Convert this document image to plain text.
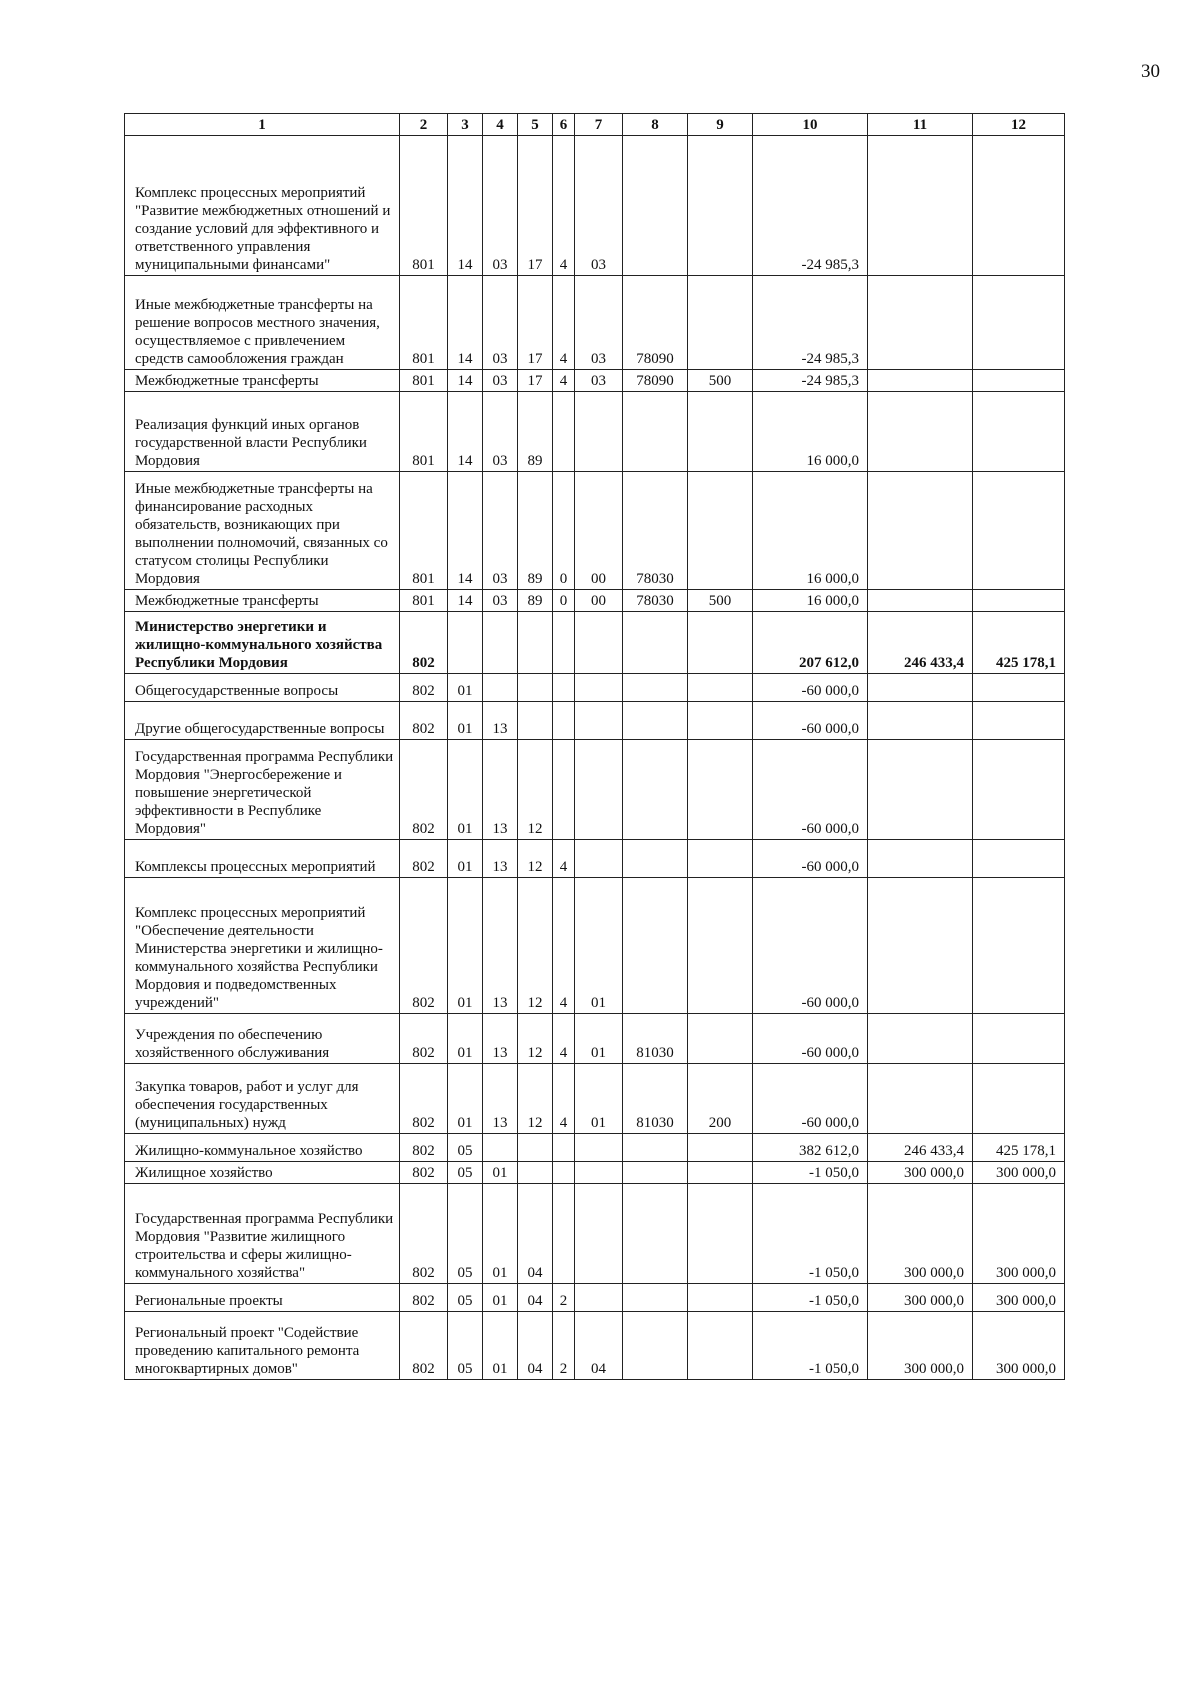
30
1	2	3	4	5	6	7	8	9	10	11	12
Комплекс процессных мероприятий "Развитие межбюджетных отношений и создание условий для эффективного и ответственного управления муниципальными финансами"	801	14	03	17	4	03			-24 985,3		
Иные межбюджетные трансферты на решение вопросов местного значения, осуществляемое с привлечением средств самообложения граждан	801	14	03	17	4	03	78090		-24 985,3		
Межбюджетные трансферты	801	14	03	17	4	03	78090	500	-24 985,3		
Реализация функций иных органов государственной власти Республики Мордовия	801	14	03	89					16 000,0		
Иные межбюджетные трансферты на финансирование расходных обязательств, возникающих при выполнении полномочий, связанных со статусом столицы Республики Мордовия	801	14	03	89	0	00	78030		16 000,0		
Межбюджетные трансферты	801	14	03	89	0	00	78030	500	16 000,0		
Министерство энергетики и жилищно-коммунального хозяйства Республики Мордовия	802								207 612,0	246 433,4	425 178,1
Общегосударственные вопросы	802	01							-60 000,0		
Другие общегосударственные вопросы	802	01	13						-60 000,0		
Государственная программа Республики Мордовия "Энергосбережение и повышение энергетической эффективности в Республике Мордовия"	802	01	13	12					-60 000,0		
Комплексы процессных мероприятий	802	01	13	12	4				-60 000,0		
Комплекс процессных мероприятий "Обеспечение деятельности Министерства энергетики и жилищно-коммунального хозяйства Республики Мордовия и подведомственных учреждений"	802	01	13	12	4	01			-60 000,0		
Учреждения по обеспечению хозяйственного обслуживания	802	01	13	12	4	01	81030		-60 000,0		
Закупка товаров, работ и услуг для обеспечения государственных (муниципальных) нужд	802	01	13	12	4	01	81030	200	-60 000,0		
Жилищно-коммунальное хозяйство	802	05							382 612,0	246 433,4	425 178,1
Жилищное хозяйство	802	05	01						-1 050,0	300 000,0	300 000,0
Государственная программа Республики Мордовия "Развитие жилищного строительства и сферы жилищно-коммунального хозяйства"	802	05	01	04					-1 050,0	300 000,0	300 000,0
Региональные проекты	802	05	01	04	2				-1 050,0	300 000,0	300 000,0
Региональный проект "Содействие проведению капитального ремонта многоквартирных домов"	802	05	01	04	2	04			-1 050,0	300 000,0	300 000,0
